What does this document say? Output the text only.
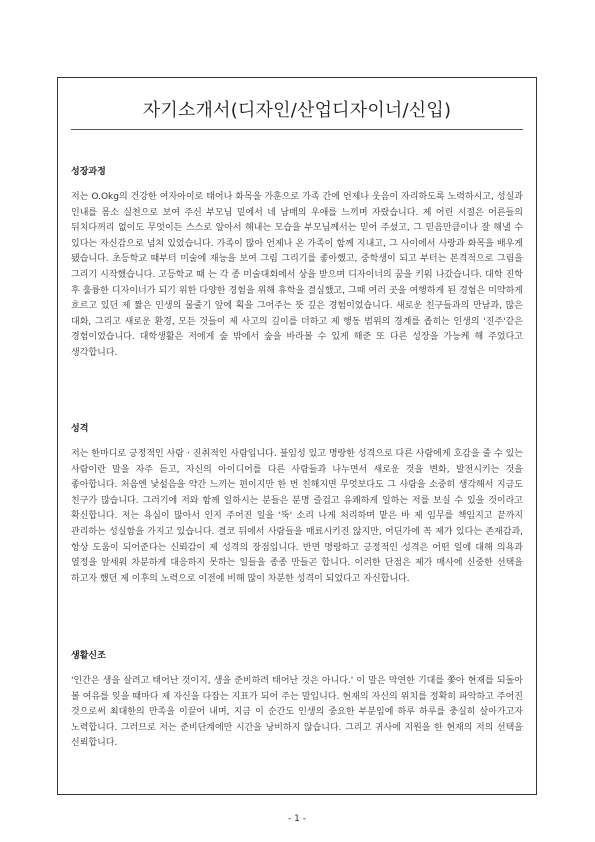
자기소개서(디자인/산업디자이너/신입)
성장과정

저는 O.Okg의 건강한 여자아이로 태어나 화목을 가훈으로 가족 간에 언제나 웃음이 자리하도록 노력하시고, 성실과 인내를 몸소 실천으로 보여 주신 부모님 밑에서 네 남매의 우애를 느끼며 자랐습니다. 제 어린 시절은 어른들의 뒤치다꺼리 없이도 무엇이든 스스로 알아서 해내는 모습을 부모님께서는 믿어 주셨고, 그 믿음만큼이나 잘 해낼 수 있다는 자신감으로 넘쳐 있었습니다. 가족이 많아 언제나 온 가족이 함께 지내고, 그 사이에서 사랑과 화목을 배우게 됐습니다. 초등학교 때부터 미술에 재능을 보여 그림 그리기를 좋아했고, 중학생이 되고 부터는 본격적으로 그림을 그리기 시작했습니다. 고등학교 때 는 각 종 미술대회에서 상을 받으며 디자이너의 꿈을 키워 나갔습니다. 대학 진학 후 훌륭한 디자이너가 되기 위한 다양한 경험을 위해 휴학을 결심했고, 그때 여러 곳을 여행하게 된 경험은 미약하게 흐르고 있던 제 짧은 인생의 물줄기 앞에 획을 그어주는 뜻 깊은 경험이었습니다. 새로운 친구들과의 만남과, 많은 대화, 그리고 새로운 환경, 모든 것들이 제 사고의 깊이를 더하고 제 행동 범위의 경계를 좁히는 인생의 '진주'같은 경험이었습니다. 대학생활은 저에게 숲 밖에서 숲을 바라볼 수 있게 해준 또 다른 성장을 가능케 해 주었다고 생각합니다.

성격

저는 한마디로 긍정적인 사람ㆍ진취적인 사람입니다. 불임성 있고 명랑한 성격으로 다른 사람에게 호감을 줄 수 있는 사람이란 말을 자주 듣고, 자신의 아이디어를 다른 사람들과 나누면서 새로운 것을 변화, 발전시키는 것을 좋아합니다. 처음엔 낯설음을 약간 느끼는 편이지만 한 번 친해지면 무엇보다도 그 사람을 소중히 생각해서 지금도 친구가 많습니다. 그러기에 저와 함께 일하시는 분들은 분명 즐겁고 유쾌하게 일하는 저를 보실 수 있을 것이라고 확신합니다. 저는 욕심이 많아서 인지 주어진 일을 '뚝' 소리 나게 처리하며 맡은 바 제 임무를 책임지고 끝까지 관리하는 성실함을 가지고 있습니다. 결코 뒤에서 사람들을 매료시키진 않지만, 어딘가에 꼭 제가 있다는 존재감과, 항상 도움이 되어준다는 신뢰감이 제 성격의 장점입니다. 반면 명랑하고 긍정적인 성격은 어떤 일에 대해 의욕과 열정을 앞세워 차분하게 대응하지 못하는 일들을 종종 만들곤 합니다. 이러한 단점은 제가 매사에 신중한 선택을 하고자 했던 제 이후의 노력으로 이전에 비해 많이 차분한 성격이 되었다고 자신합니다.

생활신조

'인간은 생을 살려고 태어난 것이지, 생을 준비하려 태어난 것은 아니다.' 이 말은 막연한 기대를 쫓아 현재를 되돌아 볼 여유를 잊을 때마다 제 자신을 다잡는 지표가 되어 주는 말입니다. 현재의 자신의 위치를 정확히 파악하고 주어진 것으로써 최대한의 만족을 이끌어 내며, 지금 이 순간도 인생의 중요한 부분임에 하루 하루를 충실히 살아가고자 노력합니다. 그러므로 저는 준비단계에만 시간을 낭비하지 않습니다. 그리고 귀사에 지원을 한 현재의 저의 선택을 신뢰합니다.

- 1 -
